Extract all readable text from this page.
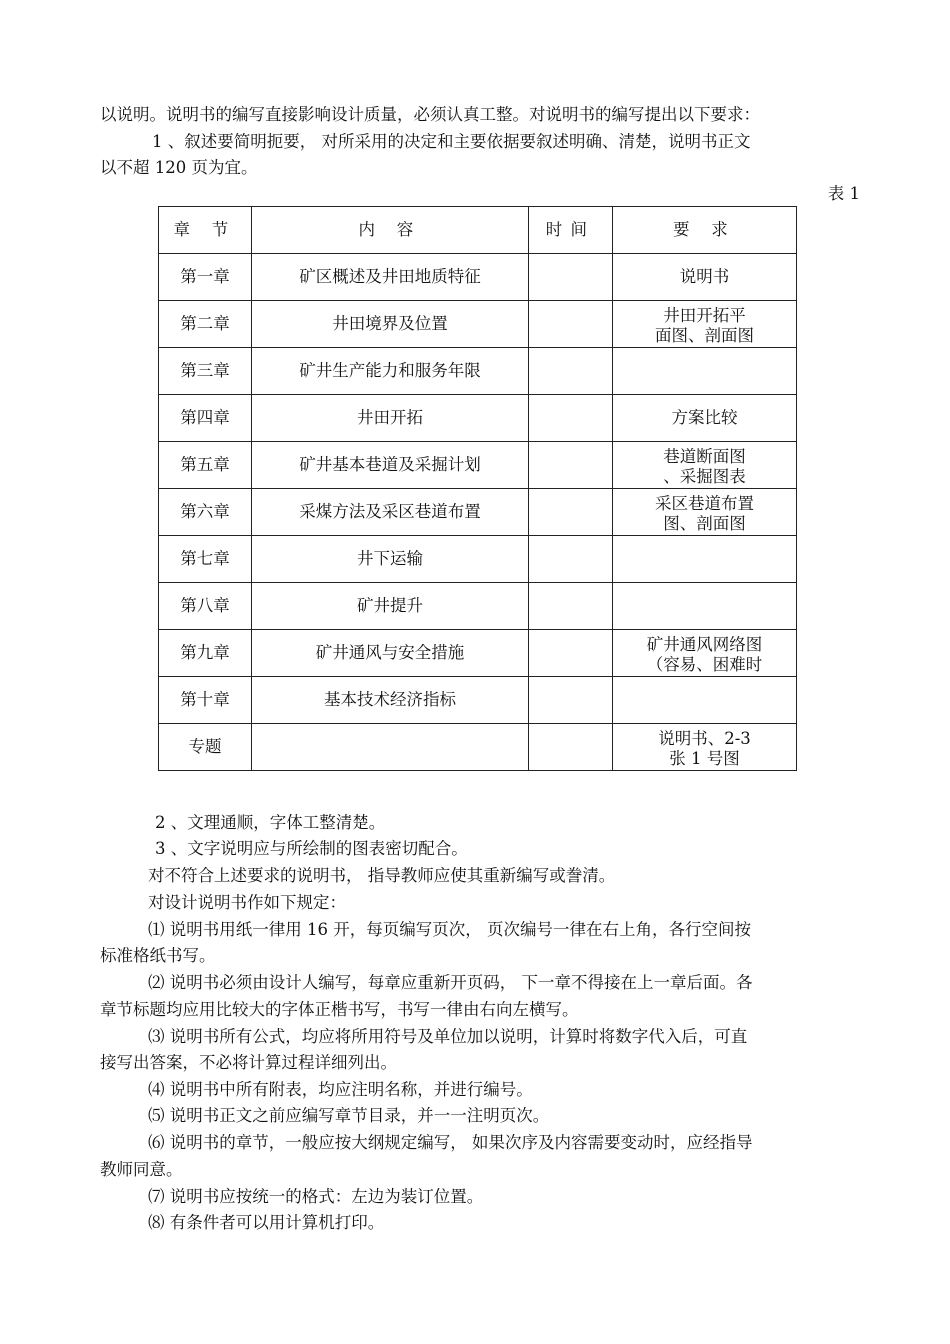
以说明。说明书的编写直接影响设计质量，必须认真工整。对说明书的编写提出以下要求：
1 、叙述要简明扼要， 对所采用的决定和主要依据要叙述明确、清楚，说明书正文
以不超 120 页为宜。
表 1
章 节	内 容	时间	要 求
第一章	矿区概述及井田地质特征		说明书
第二章	井田境界及位置		井田开拓平
面图、剖面图

第三章	矿井生产能力和服务年限		
第四章	井田开拓		方案比较
第五章	矿井基本巷道及采掘计划		巷道断面图
、采掘图表

第六章	采煤方法及采区巷道布置		采区巷道布置
图、剖面图

第七章	井下运输		
第八章	矿井提升		
第九章	矿井通风与安全措施		矿井通风网络图
（容易、困难时

第十章	基本技术经济指标		
专题			说明书、2-3
张 1 号图
2 、文理通顺，字体工整清楚。
3 、文字说明应与所绘制的图表密切配合。
对不符合上述要求的说明书， 指导教师应使其重新编写或誊清。
对设计说明书作如下规定：
⑴ 说明书用纸一律用 16 开，每页编写页次， 页次编号一律在右上角，各行空间按
标准格纸书写。
⑵ 说明书必须由设计人编写，每章应重新开页码， 下一章不得接在上一章后面。各
章节标题均应用比较大的字体正楷书写，书写一律由右向左横写。
⑶ 说明书所有公式，均应将所用符号及单位加以说明，计算时将数字代入后，可直
接写出答案，不必将计算过程详细列出。
⑷ 说明书中所有附表，均应注明名称，并进行编号。
⑸ 说明书正文之前应编写章节目录，并一一注明页次。
⑹ 说明书的章节，一般应按大纲规定编写， 如果次序及内容需要变动时，应经指导
教师同意。
⑺ 说明书应按统一的格式：左边为装订位置。
⑻ 有条件者可以用计算机打印。
